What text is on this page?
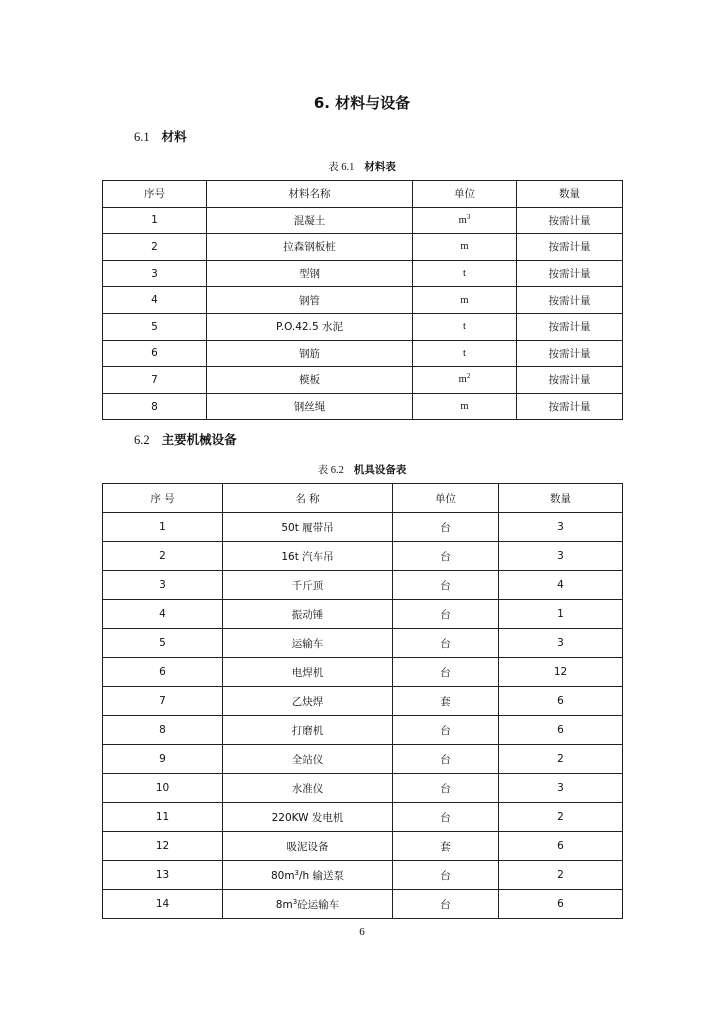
6. 材料与设备
6.1 材料
表 6.1 材料表
序号	材料名称	单位	数量
1	混凝土	$m^3$	按需计量
2	拉森钢板桩	m	按需计量
3	型钢	t	按需计量
4	钢管	m	按需计量
5	P.O.42.5 水泥	t	按需计量
6	钢筋	t	按需计量
7	模板	$m^2$	按需计量
8	钢丝绳	m	按需计量
6.2 主要机械设备
表 6.2 机具设备表
序 号	名 称	单位	数量
1	50t 履带吊	台	3
2	16t 汽车吊	台	3
3	千斤顶	台	4
4	振动锤	台	1
5	运输车	台	3
6	电焊机	台	12
7	乙炔焊	套	6
8	打磨机	台	6
9	全站仪	台	2
10	水准仪	台	3
11	220KW 发电机	台	2
12	吸泥设备	套	6
13	$80m^3/h$ 输送泵	台	2
14	$8m^3$砼运输车	台	6
6
